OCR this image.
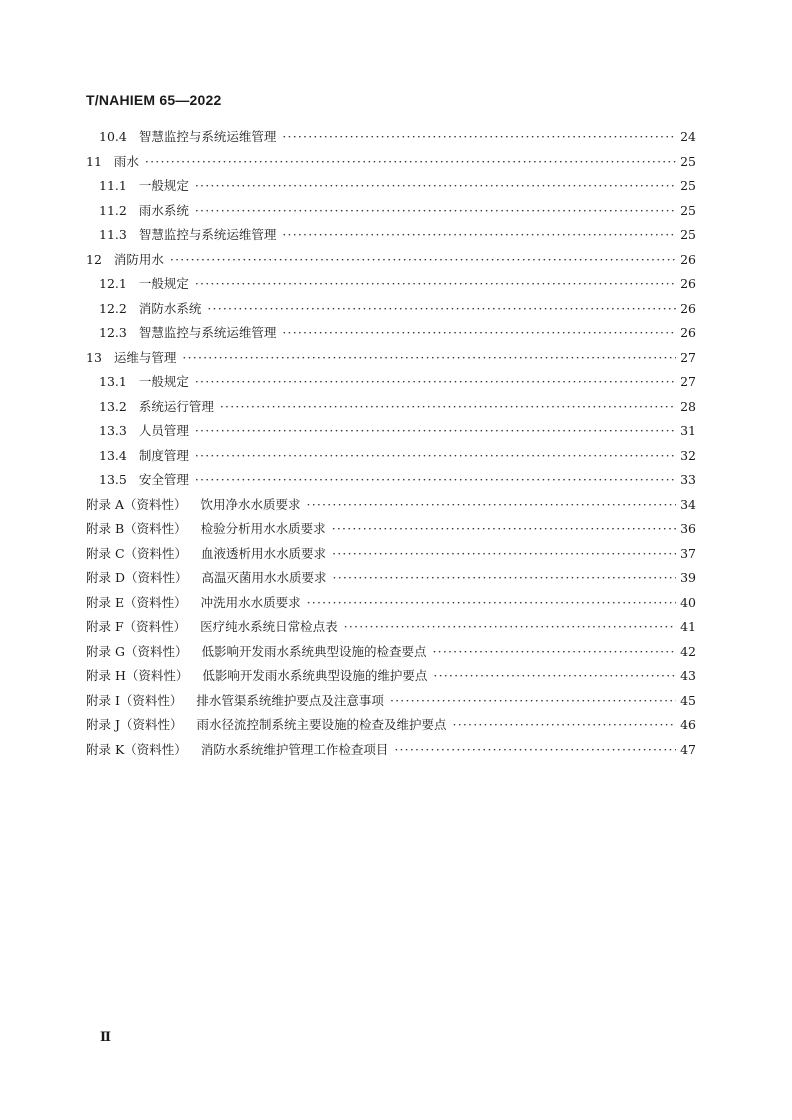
T/NAHIEM 65—2022
10.4 智慧监控与系统运维管理 ·····	24
11 雨水 ·····	25
11.1 一般规定 ·····	25
11.2 雨水系统 ·····	25
11.3 智慧监控与系统运维管理 ·····	25
12 消防用水 ·····	26
12.1 一般规定 ·····	26
12.2 消防水系统 ·····	26
12.3 智慧监控与系统运维管理 ·····	26
13 运维与管理 ·····	27
13.1 一般规定 ·····	27
13.2 系统运行管理 ·····	28
13.3 人员管理 ·····	31
13.4 制度管理 ·····	32
13.5 安全管理 ·····	33
附录 A（资料性） 饮用净水水质要求 ·····	34
附录 B（资料性） 检验分析用水水质要求 ·····	36
附录 C（资料性） 血液透析用水水质要求 ·····	37
附录 D（资料性） 高温灭菌用水水质要求 ·····	39
附录 E（资料性） 冲洗用水水质要求 ·····	40
附录 F（资料性） 医疗纯水系统日常检点表 ·····	41
附录 G（资料性） 低影响开发雨水系统典型设施的检查要点 ·····	42
附录 H（资料性） 低影响开发雨水系统典型设施的维护要点 ·····	43
附录 I（资料性） 排水管渠系统维护要点及注意事项 ·····	45
附录 J（资料性） 雨水径流控制系统主要设施的检查及维护要点 ·····	46
附录 K（资料性） 消防水系统维护管理工作检查项目 ·····	47
Ⅱ
